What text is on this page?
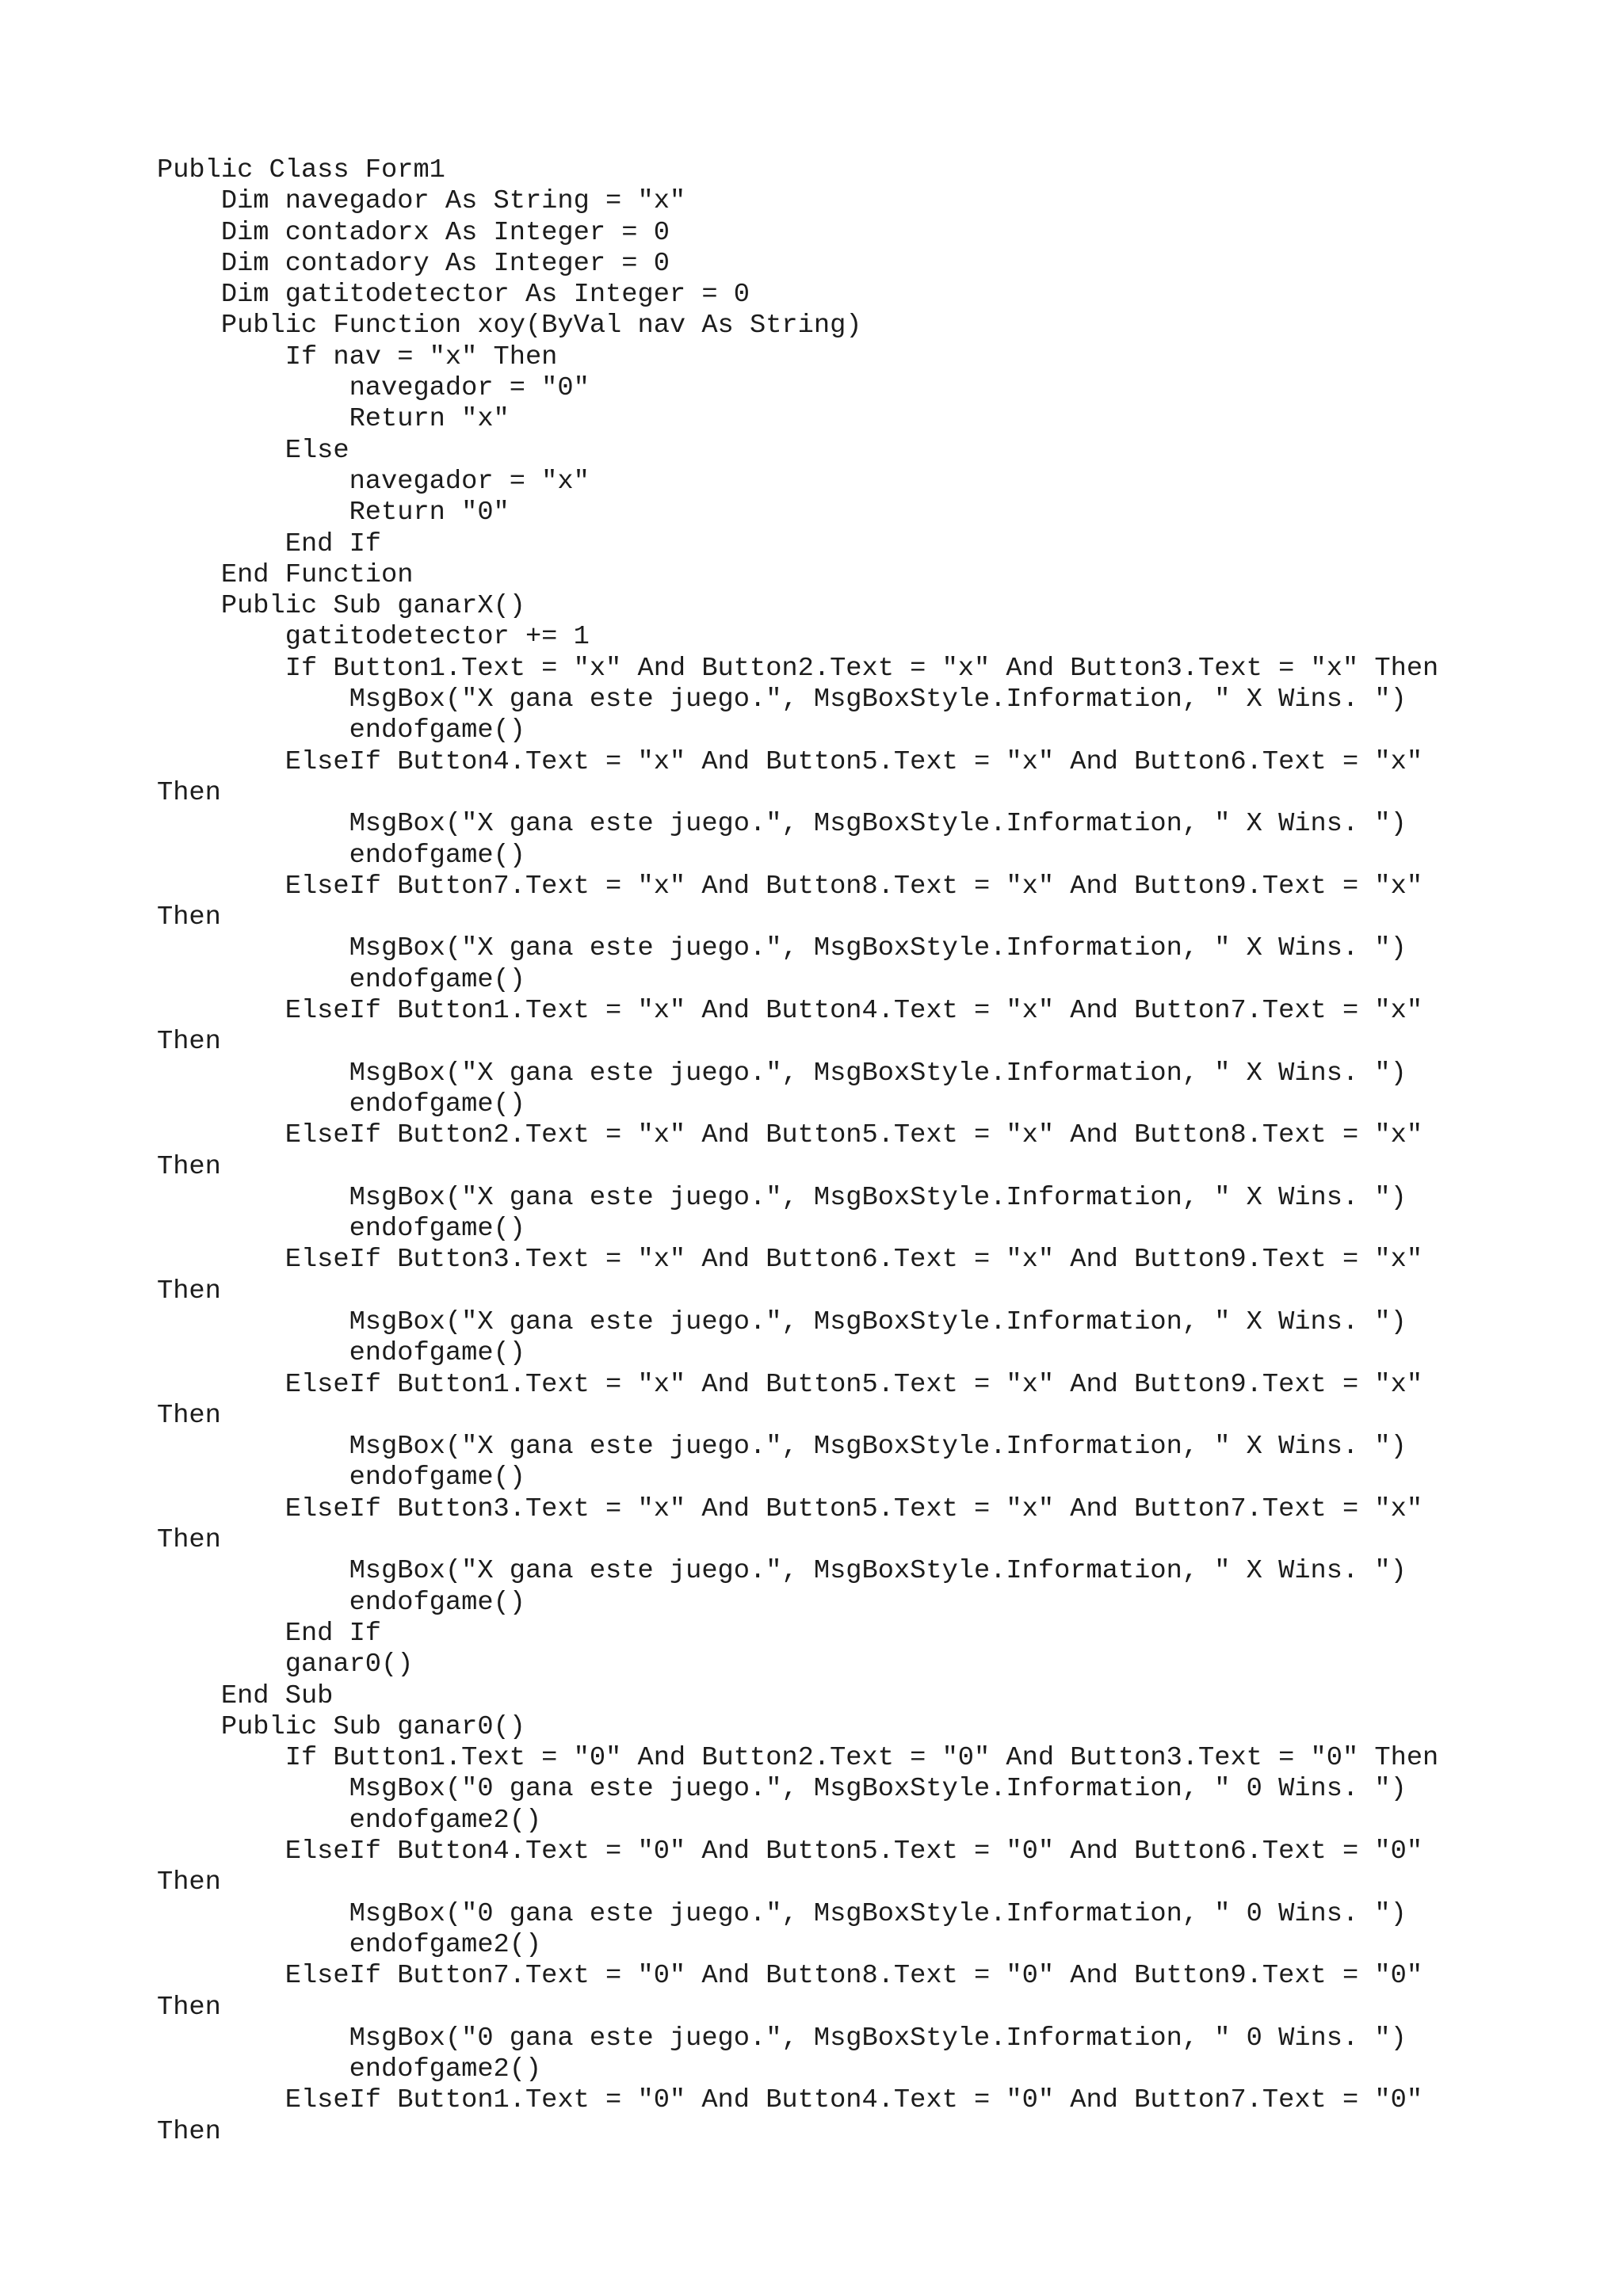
Public Class Form1
Dim navegador As String = "x"
Dim contadorx As Integer = 0
Dim contadory As Integer = 0
Dim gatitodetector As Integer = 0
Public Function xoy(ByVal nav As String)
If nav = "x" Then
navegador = "0"
Return "x"
Else
navegador = "x"
Return "0"
End If
End Function
Public Sub ganarX()
gatitodetector += 1
If Button1.Text = "x" And Button2.Text = "x" And Button3.Text = "x" Then
MsgBox("X gana este juego.", MsgBoxStyle.Information, " X Wins. ")
endofgame()
ElseIf Button4.Text = "x" And Button5.Text = "x" And Button6.Text = "x"
Then
MsgBox("X gana este juego.", MsgBoxStyle.Information, " X Wins. ")
endofgame()
ElseIf Button7.Text = "x" And Button8.Text = "x" And Button9.Text = "x"
Then
MsgBox("X gana este juego.", MsgBoxStyle.Information, " X Wins. ")
endofgame()
ElseIf Button1.Text = "x" And Button4.Text = "x" And Button7.Text = "x"
Then
MsgBox("X gana este juego.", MsgBoxStyle.Information, " X Wins. ")
endofgame()
ElseIf Button2.Text = "x" And Button5.Text = "x" And Button8.Text = "x"
Then
MsgBox("X gana este juego.", MsgBoxStyle.Information, " X Wins. ")
endofgame()
ElseIf Button3.Text = "x" And Button6.Text = "x" And Button9.Text = "x"
Then
MsgBox("X gana este juego.", MsgBoxStyle.Information, " X Wins. ")
endofgame()
ElseIf Button1.Text = "x" And Button5.Text = "x" And Button9.Text = "x"
Then
MsgBox("X gana este juego.", MsgBoxStyle.Information, " X Wins. ")
endofgame()
ElseIf Button3.Text = "x" And Button5.Text = "x" And Button7.Text = "x"
Then
MsgBox("X gana este juego.", MsgBoxStyle.Information, " X Wins. ")
endofgame()
End If
ganar0()
End Sub
Public Sub ganar0()
If Button1.Text = "0" And Button2.Text = "0" And Button3.Text = "0" Then
MsgBox("0 gana este juego.", MsgBoxStyle.Information, " 0 Wins. ")
endofgame2()
ElseIf Button4.Text = "0" And Button5.Text = "0" And Button6.Text = "0"
Then
MsgBox("0 gana este juego.", MsgBoxStyle.Information, " 0 Wins. ")
endofgame2()
ElseIf Button7.Text = "0" And Button8.Text = "0" And Button9.Text = "0"
Then
MsgBox("0 gana este juego.", MsgBoxStyle.Information, " 0 Wins. ")
endofgame2()
ElseIf Button1.Text = "0" And Button4.Text = "0" And Button7.Text = "0"
Then
